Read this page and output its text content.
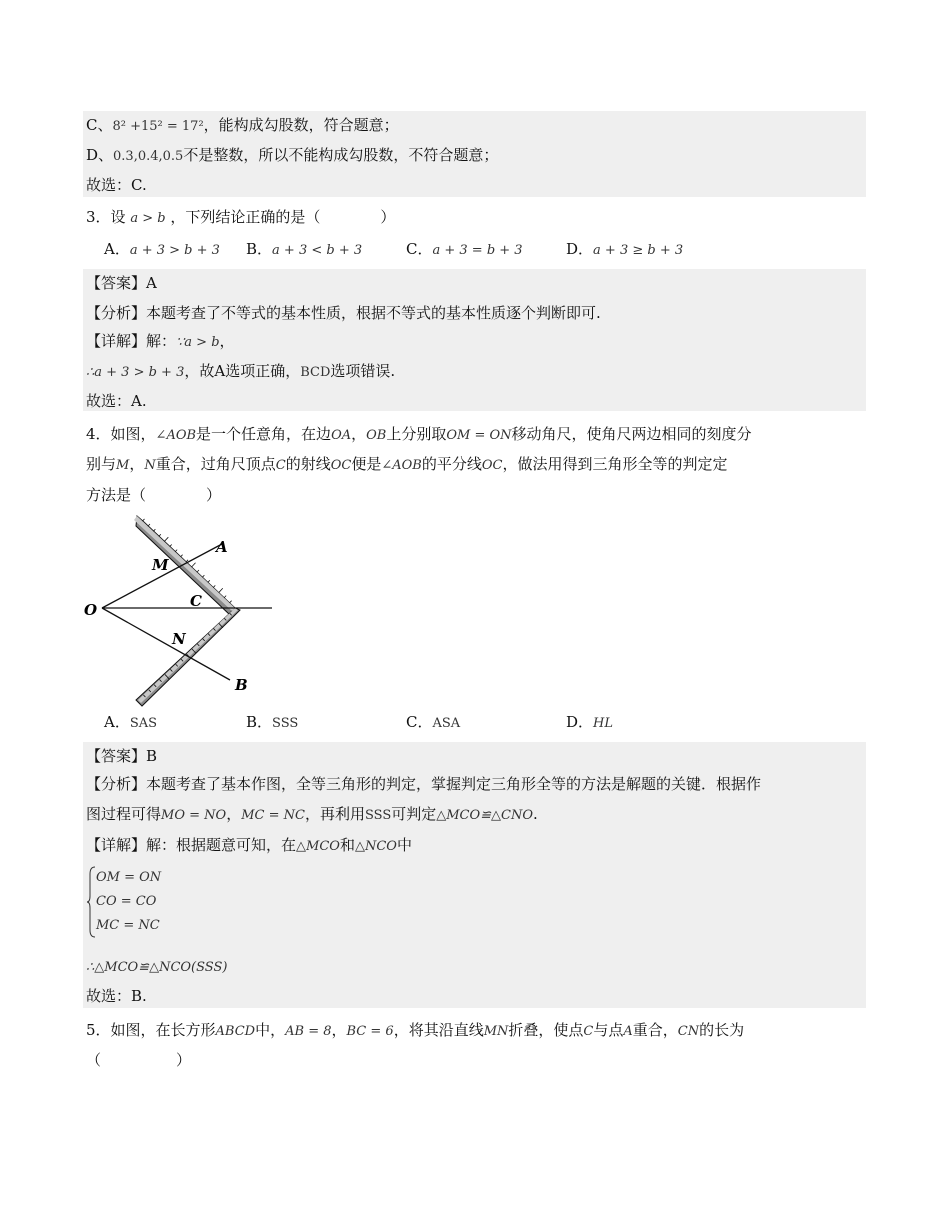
C、8² +15² = 17²，能构成勾股数，符合题意；
D、0.3,0.4,0.5不是整数，所以不能构成勾股数，不符合题意；
故选：C.
3．设 a > b ，下列结论正确的是（　　　　）
A．a + 3 > b + 3 B．a + 3 < b + 3	C．a + 3 = b + 3	D．a + 3 ≥ b + 3
【答案】A
【分析】本题考查了不等式的基本性质，根据不等式的基本性质逐个判断即可.
【详解】解：∵a > b，
∴a + 3 > b + 3，故A选项正确，BCD选项错误.
故选：A.
4．如图，∠AOB是一个任意角，在边OA，OB上分别取OM = ON移动角尺，使角尺两边相同的刻度分
别与M，N重合，过角尺顶点C的射线OC便是∠AOB的平分线OC，做法用得到三角形全等的判定定
方法是（　　　　）
A
M
O	C
N
B
A．SAS	B．SSS	C．ASA	D．HL
【答案】B
【分析】本题考查了基本作图，全等三角形的判定，掌握判定三角形全等的方法是解题的关键．根据作
图过程可得MO = NO，MC = NC，再利用SSS可判定△MCO≌△CNO.
【详解】解：根据题意可知，在△MCO和△NCO中
OM = ON
CO = CO
MC = NC
∴△MCO≌△NCO(SSS)
故选：B.
5．如图，在长方形ABCD中，AB = 8，BC = 6，将其沿直线MN折叠，使点C与点A重合，CN的长为
（　　　　　）
